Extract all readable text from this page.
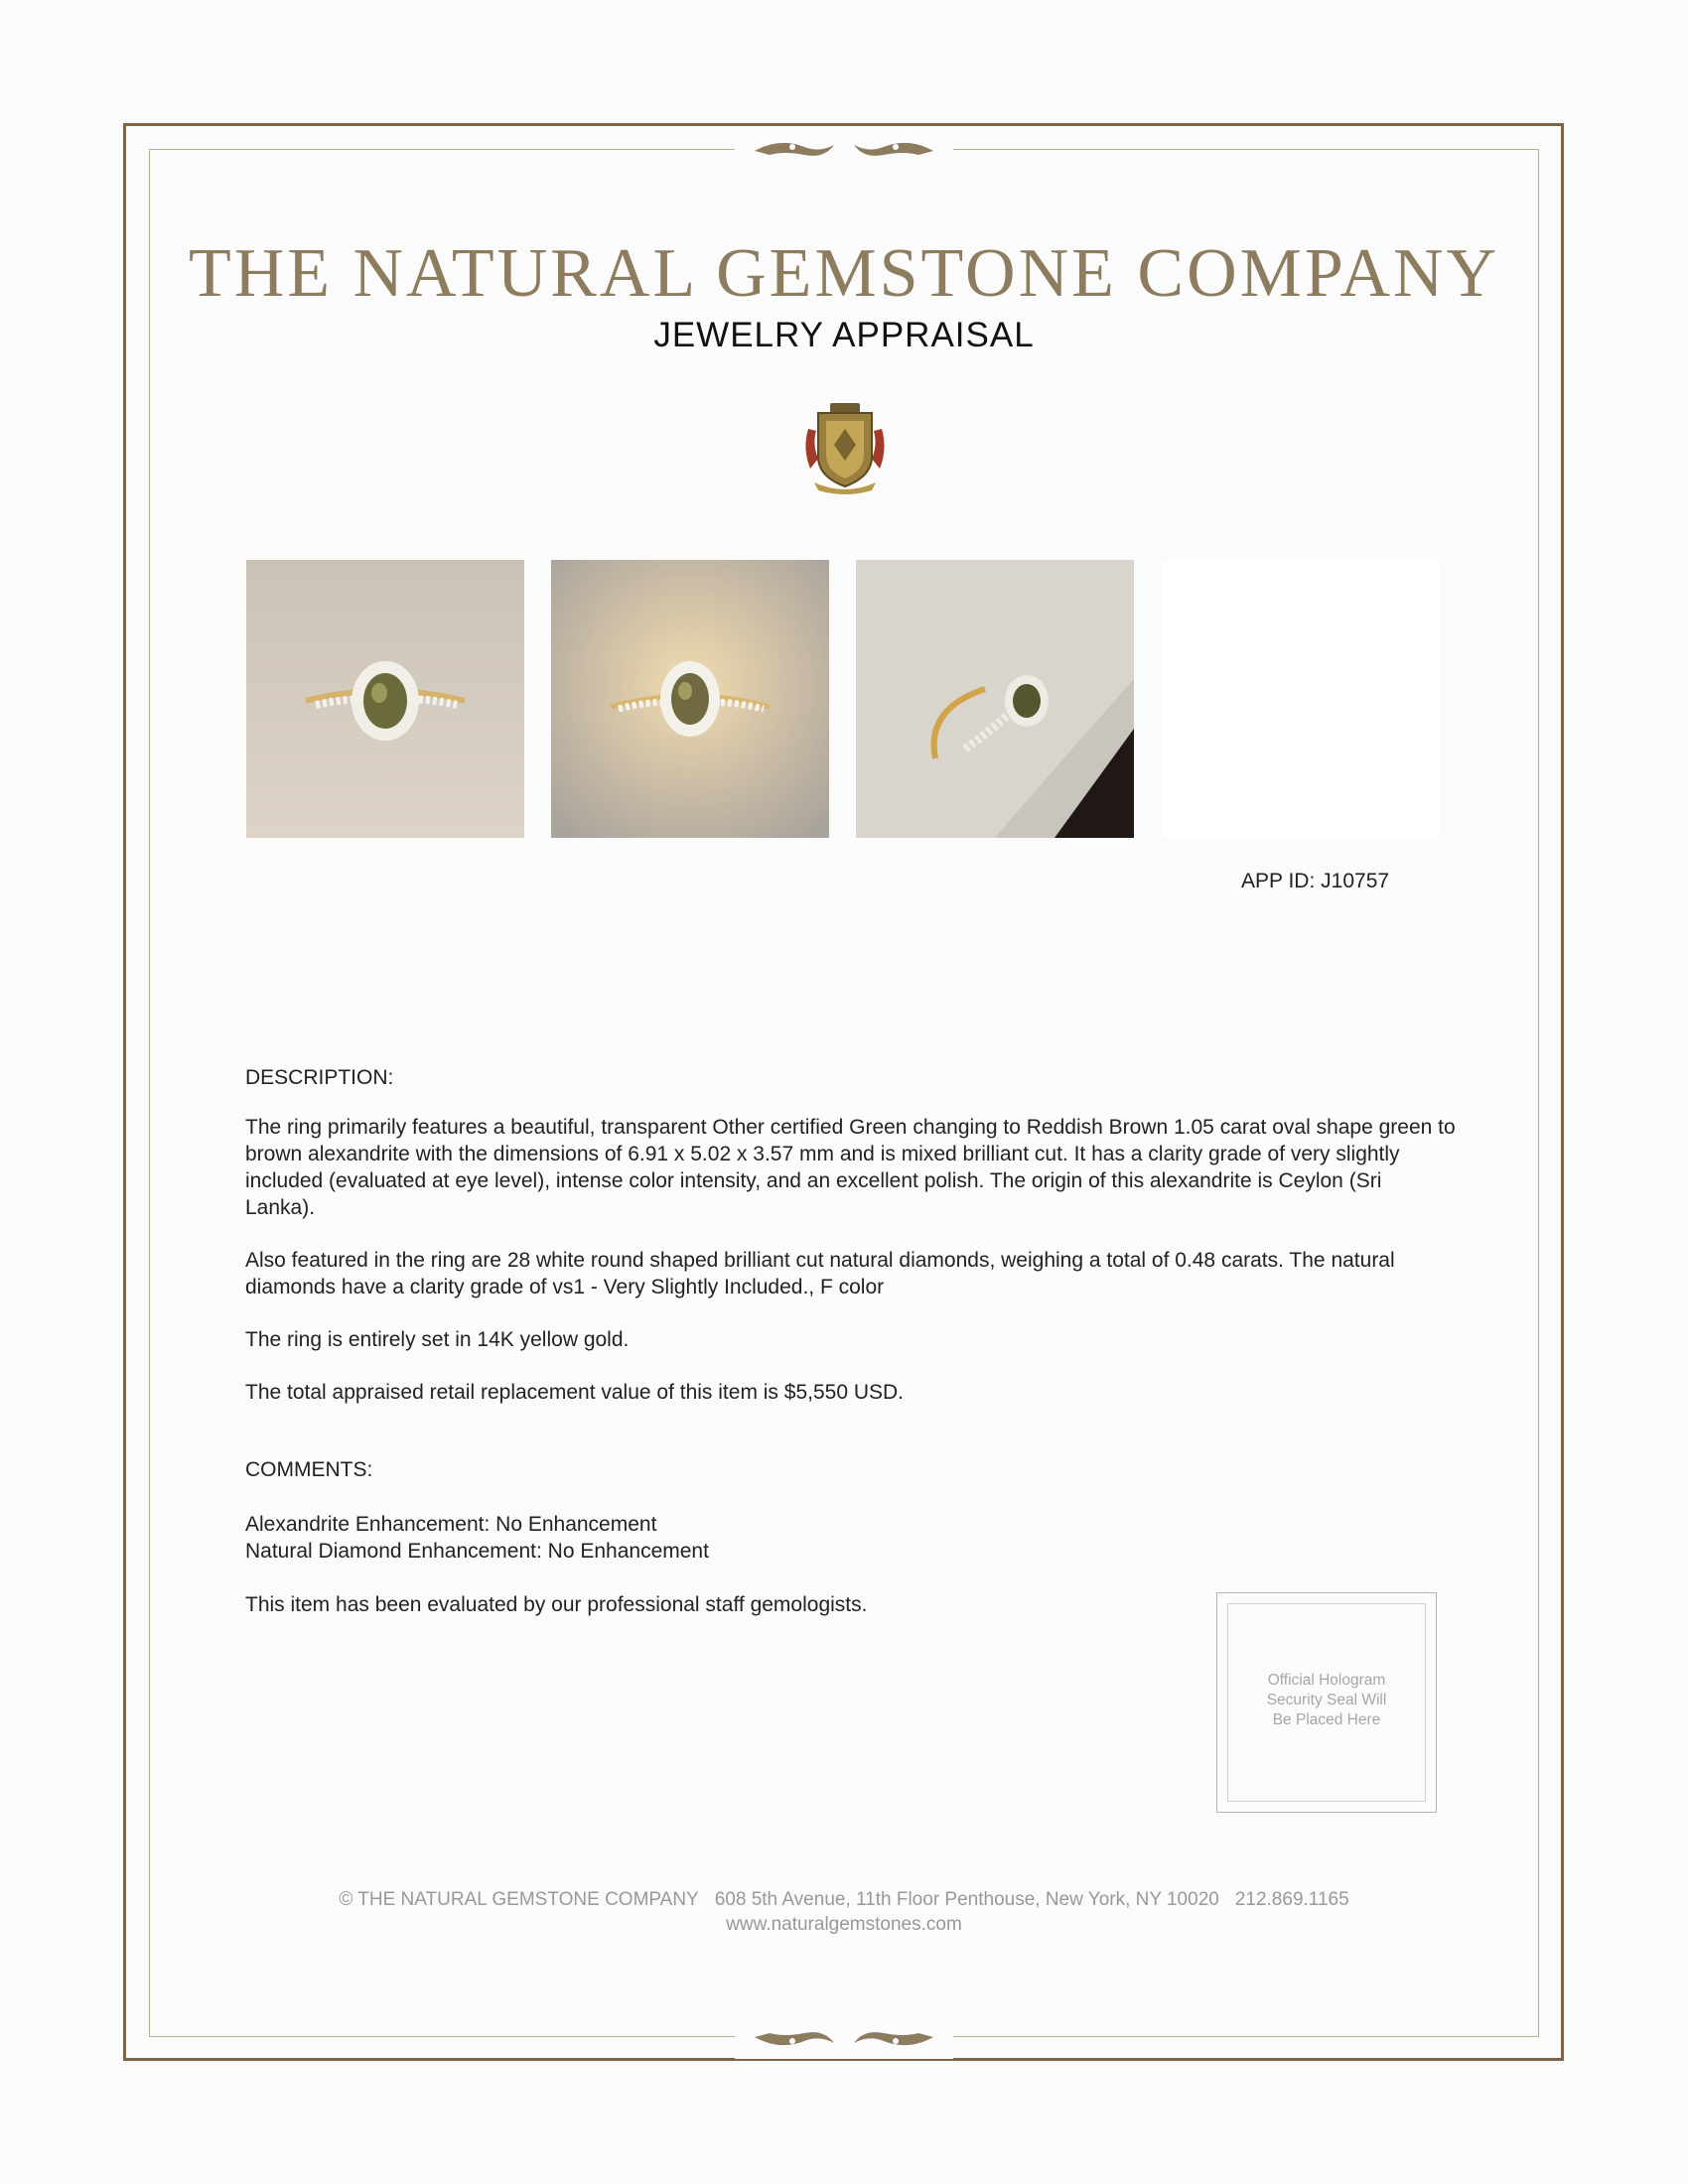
THE NATURAL GEMSTONE COMPANY
JEWELRY APPRAISAL
APP ID: J10757
DESCRIPTION:
The ring primarily features a beautiful, transparent Other certified Green changing to Reddish Brown 1.05 carat oval shape green to brown alexandrite with the dimensions of 6.91 x 5.02 x 3.57 mm and is mixed brilliant cut. It has a clarity grade of very slightly included (evaluated at eye level), intense color intensity, and an excellent polish. The origin of this alexandrite is Ceylon (Sri Lanka).
Also featured in the ring are 28 white round shaped brilliant cut natural diamonds, weighing a total of 0.48 carats. The natural diamonds have a clarity grade of vs1 - Very Slightly Included., F color
The ring is entirely set in 14K yellow gold.
The total appraised retail replacement value of this item is $5,550 USD.
COMMENTS:
Alexandrite Enhancement: No Enhancement
Natural Diamond Enhancement: No Enhancement
This item has been evaluated by our professional staff gemologists.
Official Hologram
Security Seal Will
Be Placed Here
© THE NATURAL GEMSTONE COMPANY 608 5th Avenue, 11th Floor Penthouse, New York, NY 10020 212.869.1165
www.naturalgemstones.com
